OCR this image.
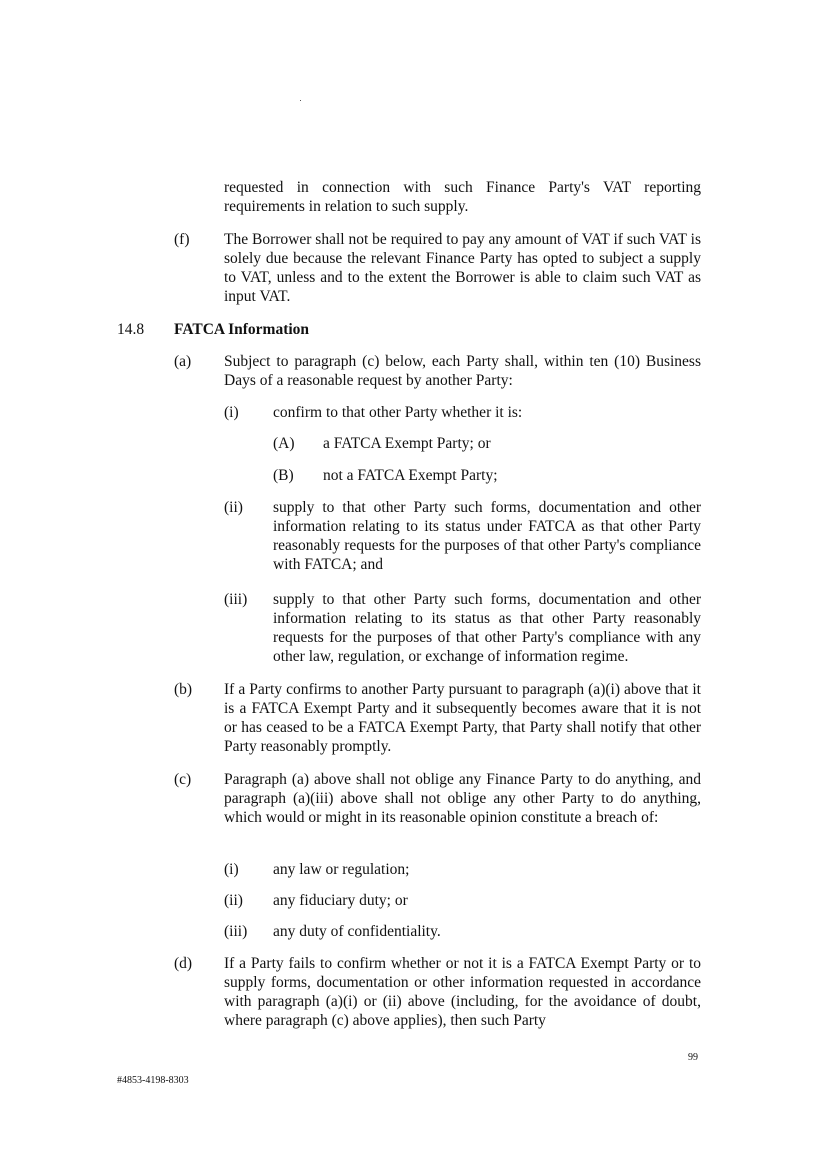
requested in connection with such Finance Party's VAT reporting requirements in relation to such supply.
(f) The Borrower shall not be required to pay any amount of VAT if such VAT is solely due because the relevant Finance Party has opted to subject a supply to VAT, unless and to the extent the Borrower is able to claim such VAT as input VAT.
14.8 FATCA Information
(a) Subject to paragraph (c) below, each Party shall, within ten (10) Business Days of a reasonable request by another Party:
(i) confirm to that other Party whether it is:
(A) a FATCA Exempt Party; or
(B) not a FATCA Exempt Party;
(ii) supply to that other Party such forms, documentation and other information relating to its status under FATCA as that other Party reasonably requests for the purposes of that other Party's compliance with FATCA; and
(iii) supply to that other Party such forms, documentation and other information relating to its status as that other Party reasonably requests for the purposes of that other Party's compliance with any other law, regulation, or exchange of information regime.
(b) If a Party confirms to another Party pursuant to paragraph (a)(i) above that it is a FATCA Exempt Party and it subsequently becomes aware that it is not or has ceased to be a FATCA Exempt Party, that Party shall notify that other Party reasonably promptly.
(c) Paragraph (a) above shall not oblige any Finance Party to do anything, and paragraph (a)(iii) above shall not oblige any other Party to do anything, which would or might in its reasonable opinion constitute a breach of:
(i) any law or regulation;
(ii) any fiduciary duty; or
(iii) any duty of confidentiality.
(d) If a Party fails to confirm whether or not it is a FATCA Exempt Party or to supply forms, documentation or other information requested in accordance with paragraph (a)(i) or (ii) above (including, for the avoidance of doubt, where paragraph (c) above applies), then such Party
99
#4853-4198-8303
